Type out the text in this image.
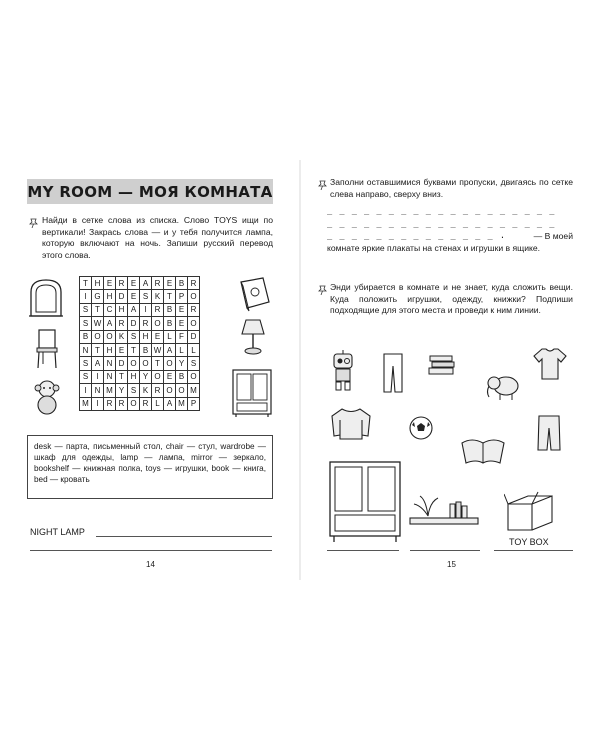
MY ROOM — МОЯ КОМНАТА
Найди в сетке слова из списка. Слово TOYS ищи по вертикали! Закрась слова — и у тебя получится лампа, которую включают на ночь. Запиши русский перевод этого слова.
T	H	E	R	E	A	R	E	B	R
I	G	H	D	E	S	K	T	P	O
S	T	C	H	A	I	R	B	E	R
S	W	A	R	D	R	O	B	E	O
B	O	O	K	S	H	E	L	F	D
N	T	H	E	T	B	W	A	L	L
S	A	N	D	O	O	T	O	Y	S
S	I	N	T	H	Y	O	E	B	O
I	N	M	Y	S	K	R	O	O	M
M	I	R	R	O	R	L	A	M	P
desk — парта, письменный стол, chair — стул, wardrobe — шкаф для одежды, lamp — лампа, mirror — зеркало, bookshelf — книжная полка, toys — игрушки, book — книга, bed — кровать
NIGHT LAMP
14
Заполни оставшимися буквами пропуски, двигаясь по сетке слева направо, сверху вниз.
_ _ _ _ _ _ _ _ _ _ _ _ _ _ _ _ _ _ _
_ _ _ _ _ _ _ _ _ _ _ _ _ _ _ _ _ _ _
_ _ _ _ _ _ _ _ _ _ _ _ _ _ .	— В моей
комнате яркие плакаты на стенах и игрушки в ящике.
Энди убирается в комнате и не знает, куда сложить вещи. Куда положить игрушки, одежду, книжки? Подпиши подходящие для этого места и проведи к ним линии.
TOY BOX
15
